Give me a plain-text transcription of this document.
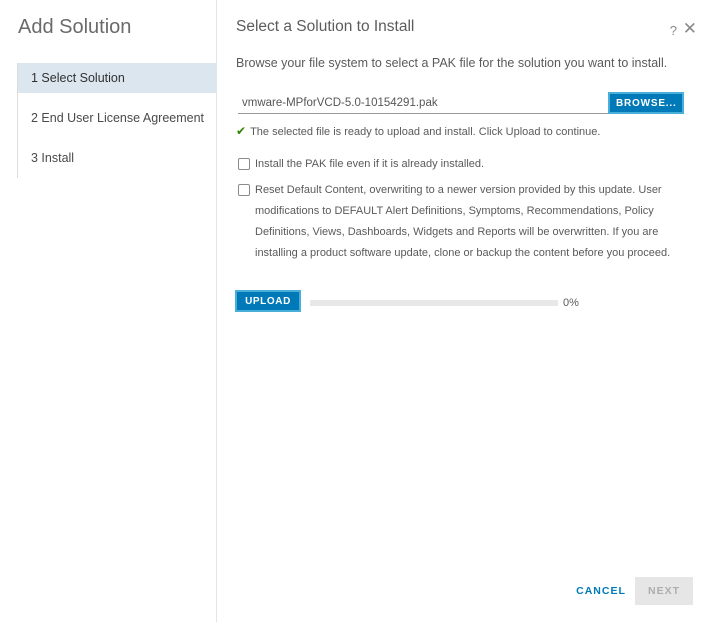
Add Solution
1 Select Solution
2 End User License Agreement
3 Install
Select a Solution to Install	? ✕
Browse your file system to select a PAK file for the solution you want to install.
vmware-MPforVCD-5.0-10154291.pak
BROWSE...
✔ The selected file is ready to upload and install. Click Upload to continue.
Install the PAK file even if it is already installed.
Reset Default Content, overwriting to a newer version provided by this update. User modifications to DEFAULT Alert Definitions, Symptoms, Recommendations, Policy Definitions, Views, Dashboards, Widgets and Reports will be overwritten. If you are installing a product software update, clone or backup the content before you proceed.
UPLOAD	0%
CANCEL	NEXT
